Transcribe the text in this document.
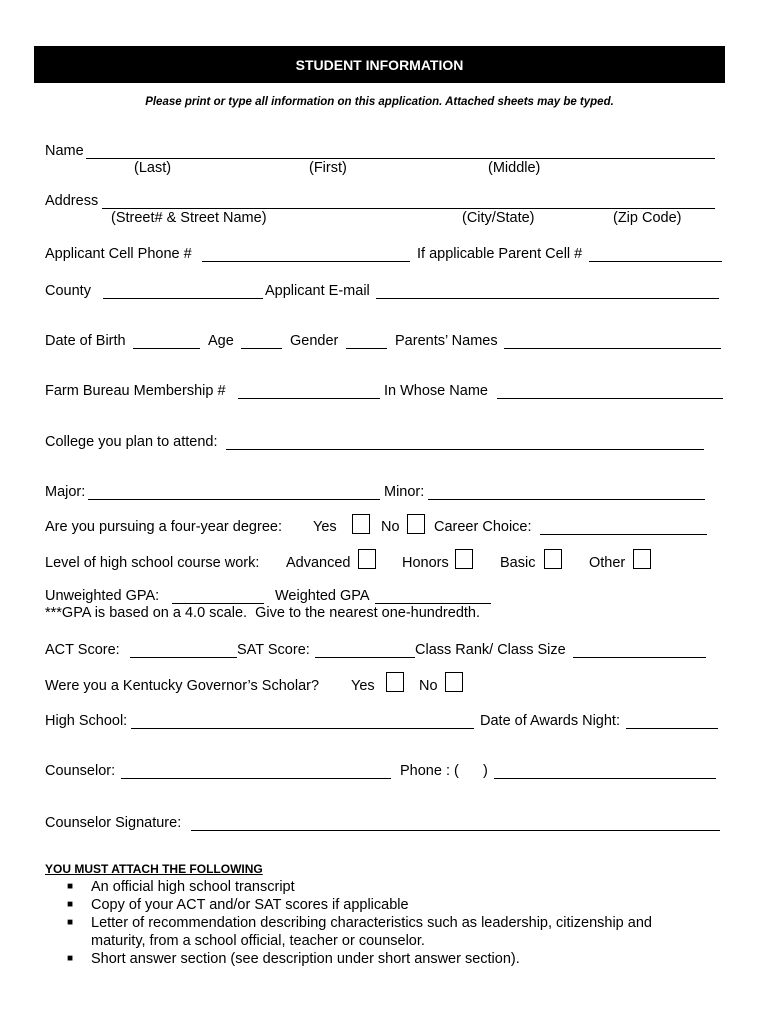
STUDENT INFORMATION
Please print or type all information on this application. Attached sheets may be typed.
Name
(Last)	(First)	(Middle)
Address
(Street# & Street Name)	(City/State)	(Zip Code)
Applicant Cell Phone #	If applicable Parent Cell #
County	Applicant E-mail
Date of Birth	Age	Gender	Parents’ Names
Farm Bureau Membership #	In Whose Name
College you plan to attend:
Major:	Minor:
Are you pursuing a four-year degree: Yes	No Career Choice:
Level of high school course work: Advanced	Honors	Basic	Other
Unweighted GPA:	Weighted GPA
***GPA is based on a 4.0 scale.  Give to the nearest one-hundredth.
ACT Score:	SAT Score:	Class Rank/ Class Size
Were you a Kentucky Governor’s Scholar? Yes	No
High School:	Date of Awards Night:
Counselor:	Phone : ( )
Counselor Signature:
YOU MUST ATTACH THE FOLLOWING
■ An official high school transcript
■ Copy of your ACT and/or SAT scores if applicable
■ Letter of recommendation describing characteristics such as leadership, citizenship and maturity, from a school official, teacher or counselor.
■ Short answer section (see description under short answer section).
